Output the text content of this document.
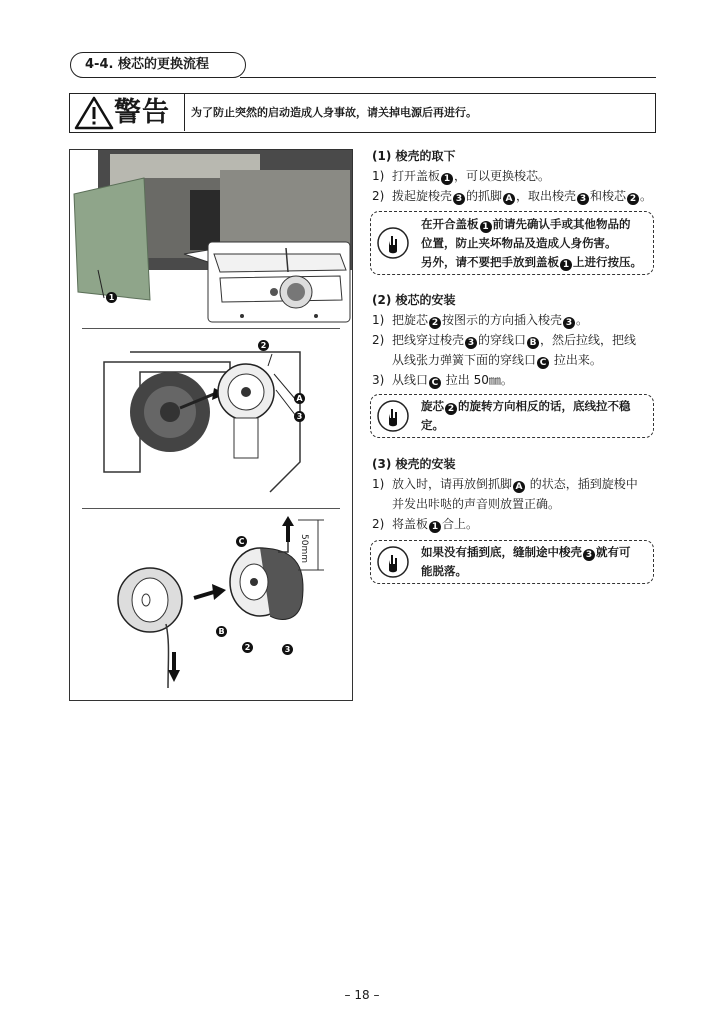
4-4. 梭芯的更换流程
警告 为了防止突然的启动造成人身事故，请关掉电源后再进行。
1
2
A
3
50mm
C
B
2	3
(1) 梭壳的取下
1) 打开盖板 1 ，可以更换梭芯。
2) 拨起旋梭壳 3 的抓脚 A ，取出梭壳 3 和梭芯 2 。
在开合盖板 1 前请先确认手或其他物品的
位置，防止夹坏物品及造成人身伤害。
另外，请不要把手放到盖板 1 上进行按压。
(2) 梭芯的安装
1) 把旋芯 2 按图示的方向插入梭壳 3 。
2) 把线穿过梭壳 3 的穿线口 B ，然后拉线，把线
从线张力弹簧下面的穿线口 C 拉出来。
3) 从线口 C 拉出 50㎜。
旋芯 2 的旋转方向相反的话，底线拉不稳
定。
(3) 梭壳的安装
1) 放入时，请再放倒抓脚 A 的状态，插到旋梭中
并发出咔哒的声音则放置正确。
2) 将盖板 1 合上。
如果没有插到底，缝制途中梭壳 3 就有可
能脱落。
– 18 –
